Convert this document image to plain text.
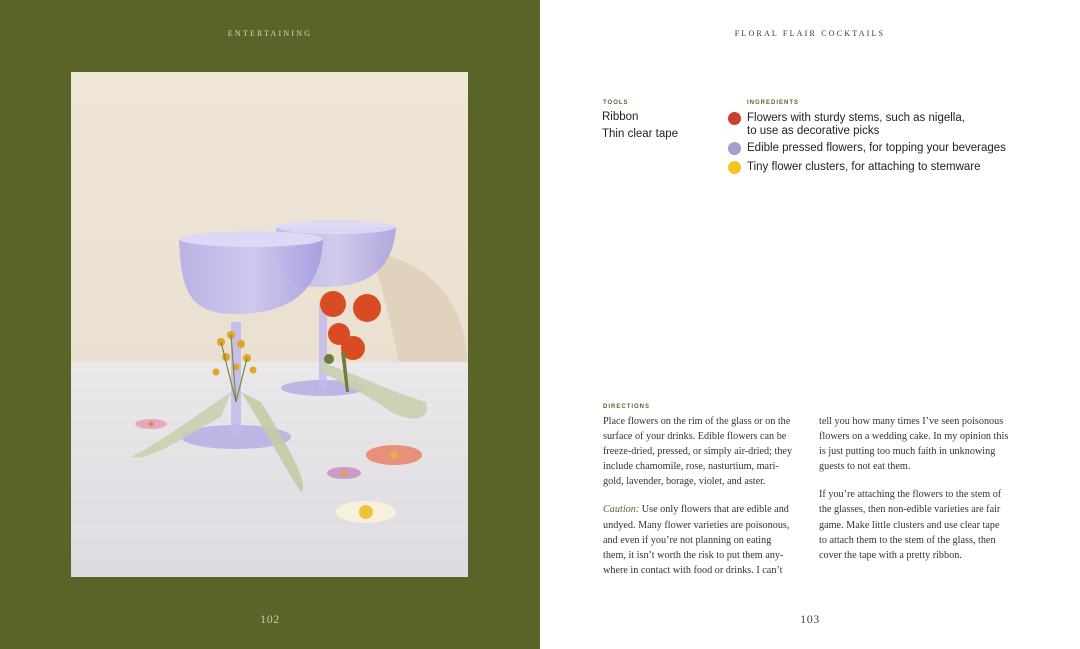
ENTERTAINING
102
FLORAL FLAIR COCKTAILS
TOOLS
Ribbon
Thin clear tape
INGREDIENTS
Flowers with sturdy stems, such as nigella,
to use as decorative picks
Edible pressed flowers, for topping your beverages
Tiny flower clusters, for attaching to stemware
DIRECTIONS

Place flowers on the rim of the glass or on the
surface of your drinks. Edible flowers can be
freeze-dried, pressed, or simply air-dried; they
include chamomile, rose, nasturtium, mari-
gold, lavender, borage, violet, and aster.

Caution: Use only flowers that are edible and
undyed. Many flower varieties are poisonous,
and even if you’re not planning on eating
them, it isn’t worth the risk to put them any-
where in contact with food or drinks. I can’t

tell you how many times I’ve seen poisonous
flowers on a wedding cake. In my opinion this
is just putting too much faith in unknowing
guests to not eat them.

If you’re attaching the flowers to the stem of
the glasses, then non-edible varieties are fair
game. Make little clusters and use clear tape
to attach them to the stem of the glass, then
cover the tape with a pretty ribbon.

103
